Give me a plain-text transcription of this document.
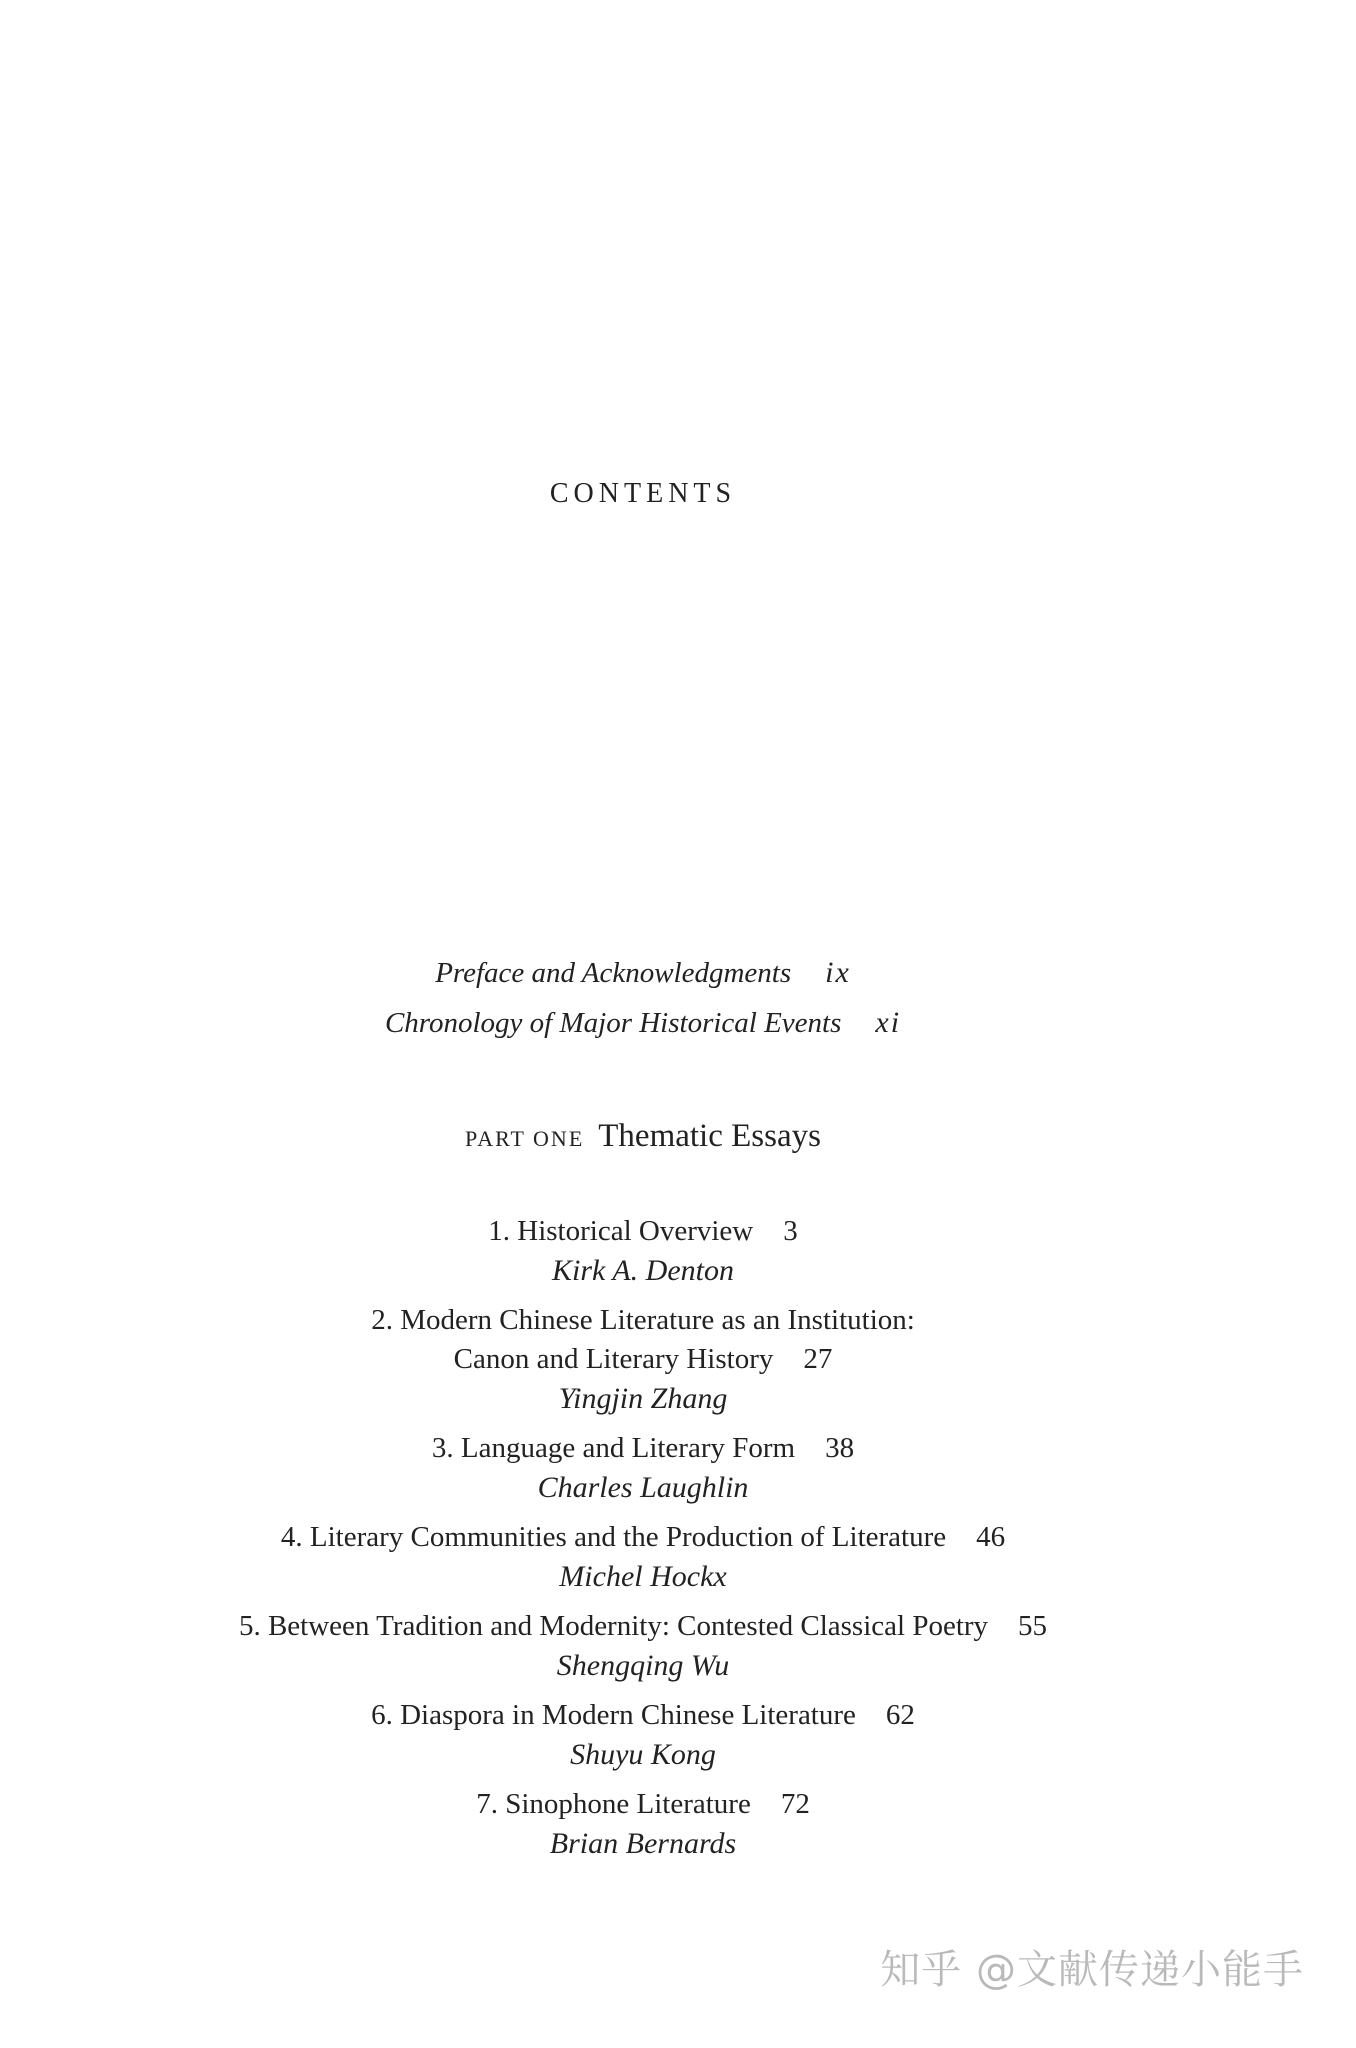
CONTENTS
Preface and Acknowledgments ix
Chronology of Major Historical Events xi
PART ONE Thematic Essays
1. Historical Overview 3
Kirk A. Denton
2. Modern Chinese Literature as an Institution:
Canon and Literary History 27
Yingjin Zhang
3. Language and Literary Form 38
Charles Laughlin
4. Literary Communities and the Production of Literature 46
Michel Hockx
5. Between Tradition and Modernity: Contested Classical Poetry 55
Shengqing Wu
6. Diaspora in Modern Chinese Literature 62
Shuyu Kong
7. Sinophone Literature 72
Brian Bernards
知乎 @文献传递小能手
